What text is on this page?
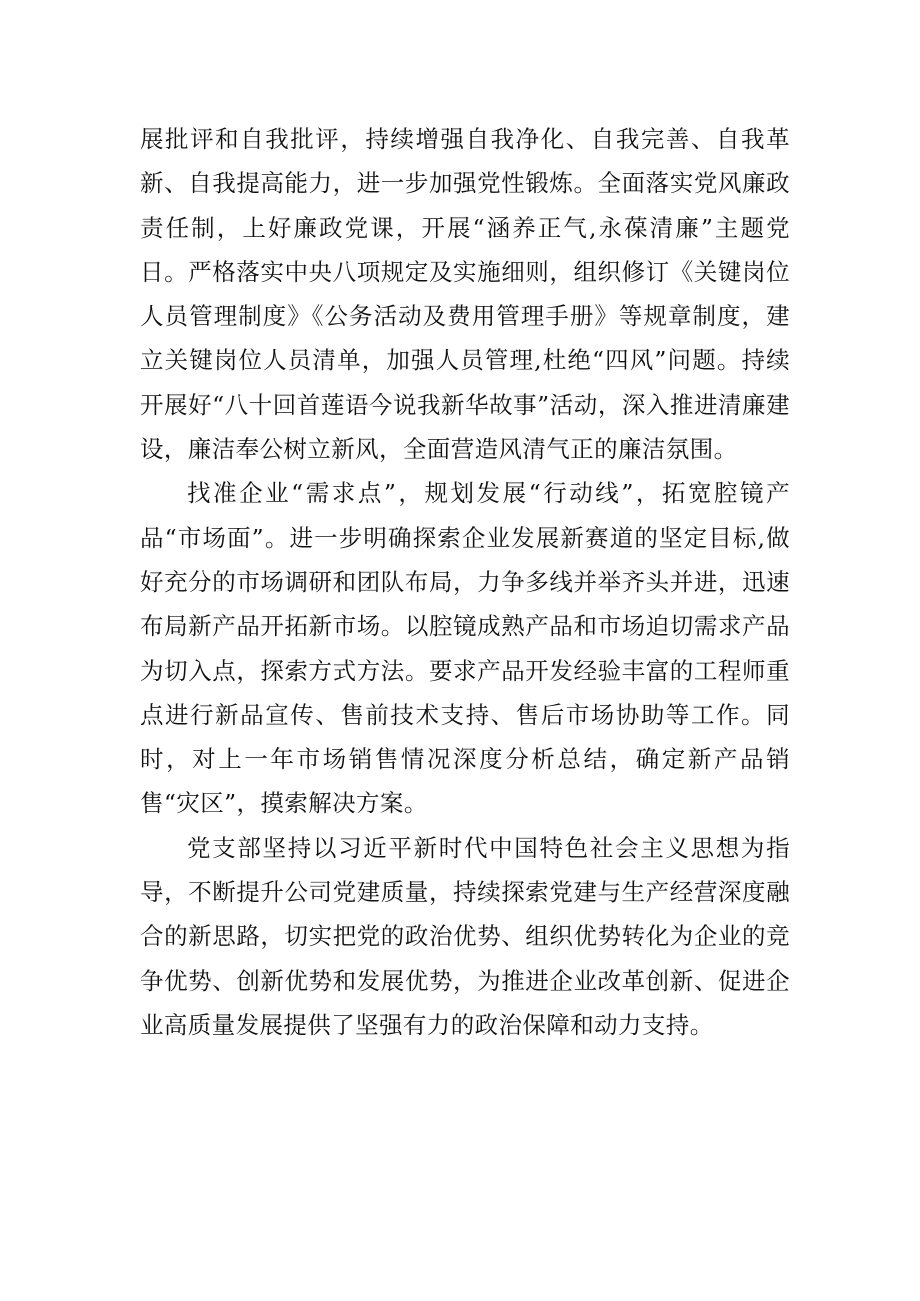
展批评和自我批评，持续增强自我净化、自我完善、自我革新、自我提高能力，进一步加强党性锻炼。全面落实党风廉政责任制，上好廉政党课，开展“涵养正气,永葆清廉”主题党日。严格落实中央八项规定及实施细则，组织修订《关键岗位人员管理制度》《公务活动及费用管理手册》等规章制度，建立关键岗位人员清单，加强人员管理,杜绝“四风”问题。持续开展好“八十回首莲语今说我新华故事”活动，深入推进清廉建设，廉洁奉公树立新风，全面营造风清气正的廉洁氛围。

找准企业“需求点”，规划发展“行动线”，拓宽腔镜产品“市场面”。进一步明确探索企业发展新赛道的坚定目标,做好充分的市场调研和团队布局，力争多线并举齐头并进，迅速布局新产品开拓新市场。以腔镜成熟产品和市场迫切需求产品为切入点，探索方式方法。要求产品开发经验丰富的工程师重点进行新品宣传、售前技术支持、售后市场协助等工作。同时，对上一年市场销售情况深度分析总结，确定新产品销售“灾区”，摸索解决方案。

党支部坚持以习近平新时代中国特色社会主义思想为指导，不断提升公司党建质量，持续探索党建与生产经营深度融合的新思路，切实把党的政治优势、组织优势转化为企业的竞争优势、创新优势和发展优势，为推进企业改革创新、促进企业高质量发展提供了坚强有力的政治保障和动力支持。
